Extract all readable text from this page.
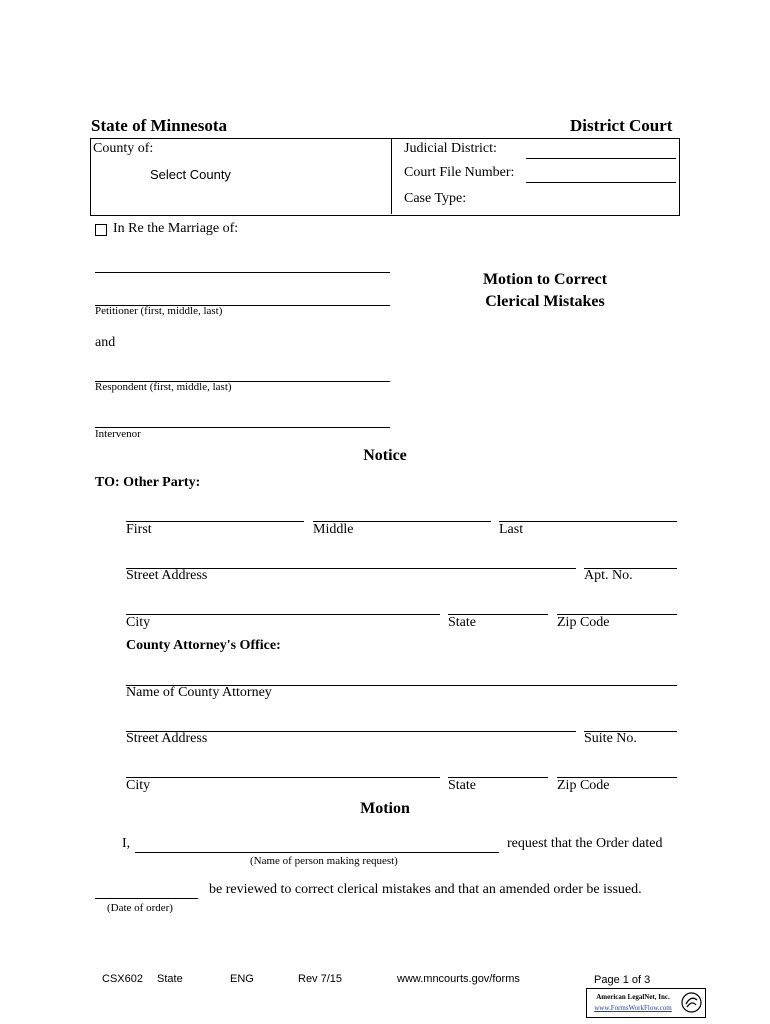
State of Minnesota	District Court
County of:
Select County
Judicial District:
Court File Number:
Case Type:
In Re the Marriage of:
Petitioner (first, middle, last)
Motion to Correct
Clerical Mistakes
and
Respondent (first, middle, last)
Intervenor
Notice
TO: Other Party:
First	Middle	Last
Street Address	Apt. No.
City	State	Zip Code
County Attorney's Office:
Name of County Attorney
Street Address	Suite No.
City	State	Zip Code
Motion
I,	request that the Order dated
(Name of person making request)
be reviewed to correct clerical mistakes and that an amended order be issued.
(Date of order)
CSX602 State	ENG	Rev 7/15	www.mncourts.gov/forms	Page 1 of 3
American LegalNet, Inc.
www.FormsWorkFlow.com
